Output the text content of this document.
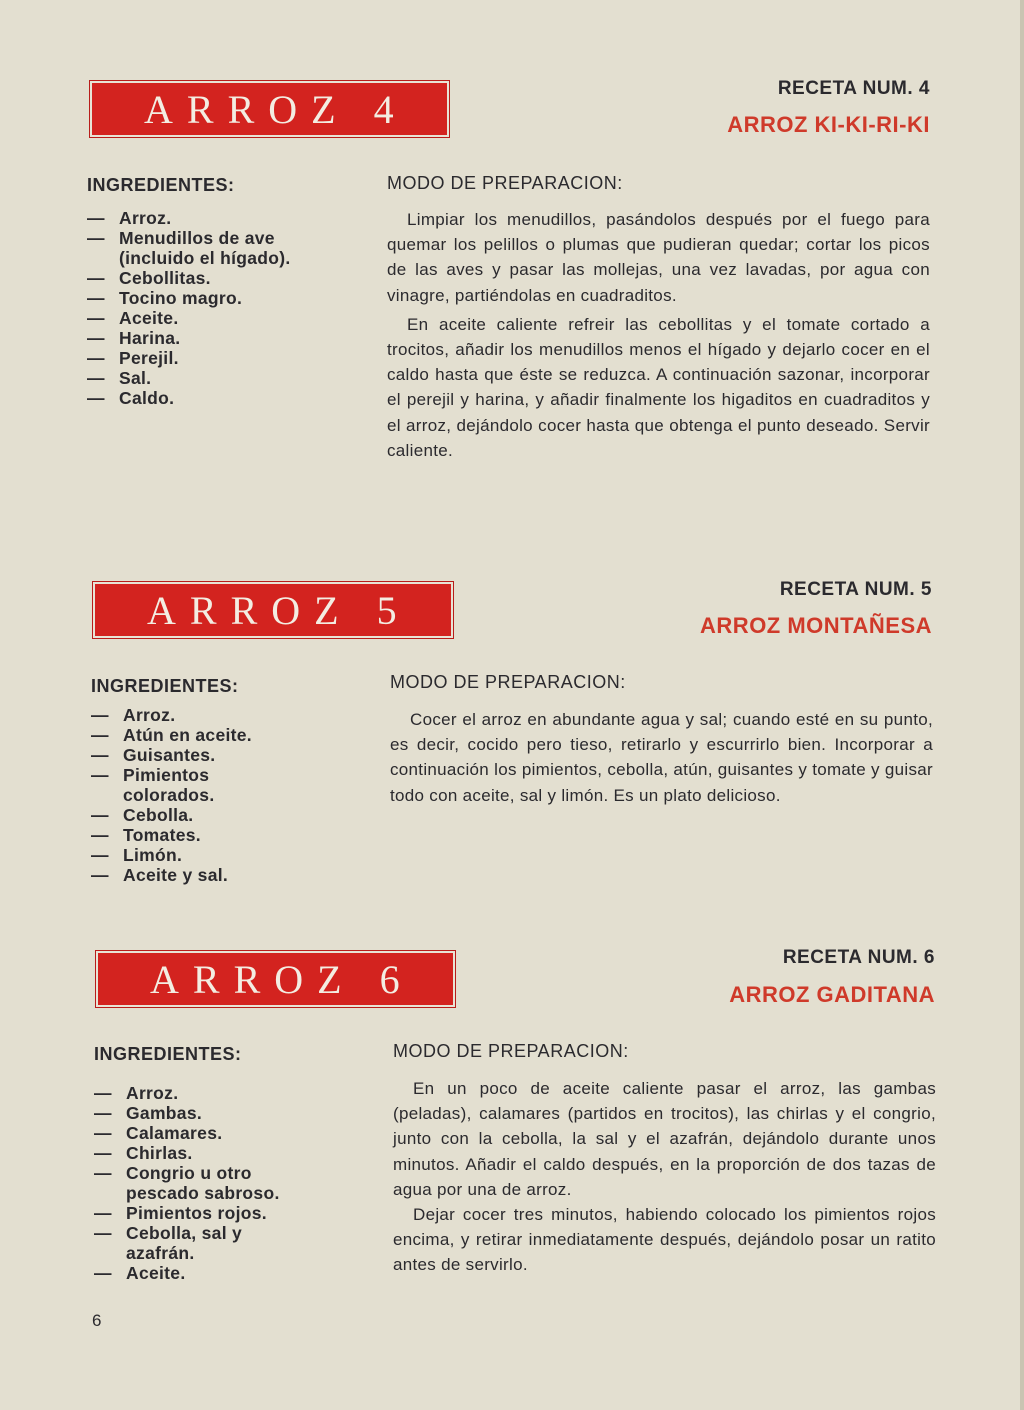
ARROZ 4	RECETA NUM. 4
ARROZ KI-KI-RI-KI
INGREDIENTES:
— Arroz.
— Menudillos de ave (incluido el hígado).
— Cebollitas.
— Tocino magro.
— Aceite.
— Harina.
— Perejil.
— Sal.
— Caldo.
MODO DE PREPARACION:

Limpiar los menudillos, pasándolos después por el fuego para quemar los pelillos o plumas que pudieran quedar; cortar los picos de las aves y pasar las mollejas, una vez lavadas, por agua con vinagre, partiéndolas en cuadraditos.

En aceite caliente refreir las cebollitas y el tomate cortado a trocitos, añadir los menudillos menos el hígado y dejarlo cocer en el caldo hasta que éste se reduzca. A continuación sazonar, incorporar el perejil y harina, y añadir finalmente los higaditos en cuadraditos y el arroz, dejándolo cocer hasta que obtenga el punto deseado. Servir caliente.

ARROZ 5	RECETA NUM. 5
ARROZ MONTAÑESA
INGREDIENTES:
— Arroz.
— Atún en aceite.
— Guisantes.
— Pimientos colorados.
— Cebolla.
— Tomates.
— Limón.
— Aceite y sal.
MODO DE PREPARACION:

Cocer el arroz en abundante agua y sal; cuando esté en su punto, es decir, cocido pero tieso, retirarlo y escurrirlo bien. Incorporar a continuación los pimientos, cebolla, atún, guisantes y tomate y guisar todo con aceite, sal y limón. Es un plato delicioso.

ARROZ 6	RECETA NUM. 6
ARROZ GADITANA
INGREDIENTES:
— Arroz.
— Gambas.
— Calamares.
— Chirlas.
— Congrio u otro pescado sabroso.
— Pimientos rojos.
— Cebolla, sal y azafrán.
— Aceite.
MODO DE PREPARACION:

En un poco de aceite caliente pasar el arroz, las gambas (peladas), calamares (partidos en trocitos), las chirlas y el congrio, junto con la cebolla, la sal y el azafrán, dejándolo durante unos minutos. Añadir el caldo después, en la proporción de dos tazas de agua por una de arroz.

Dejar cocer tres minutos, habiendo colocado los pimientos rojos encima, y retirar inmediatamente después, dejándolo posar un ratito antes de servirlo.

6
